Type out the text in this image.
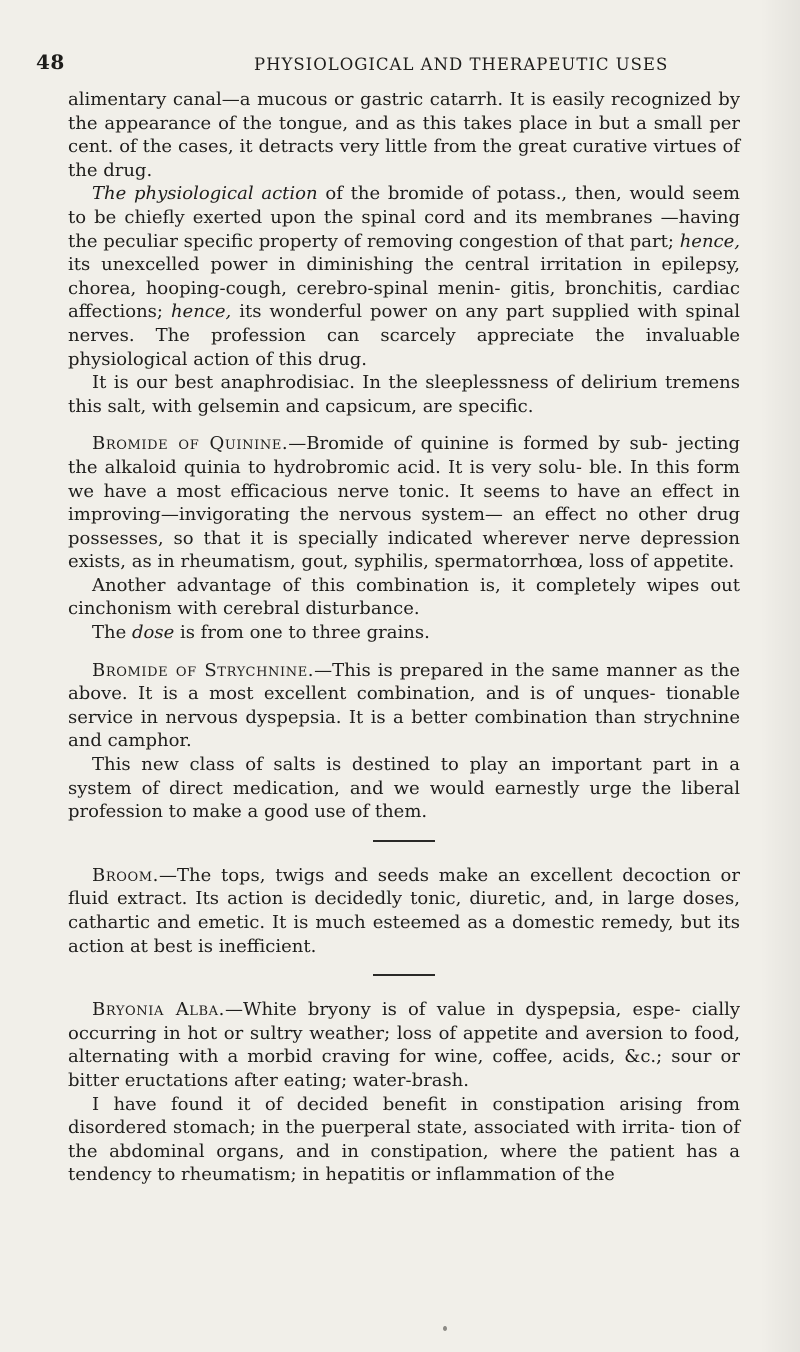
48	PHYSIOLOGICAL AND THERAPEUTIC USES

alimentary canal—a mucous or gastric catarrh. It is easily recognized by the appearance of the tongue, and as this takes place in but a small per cent. of the cases, it detracts very little from the great curative virtues of the drug.

The physiological action of the bromide of potass., then, would seem to be chiefly exerted upon the spinal cord and its membranes —having the peculiar specific property of removing congestion of that part; hence, its unexcelled power in diminishing the central irritation in epilepsy, chorea, hooping-cough, cerebro-spinal menin- gitis, bronchitis, cardiac affections; hence, its wonderful power on any part supplied with spinal nerves. The profession can scarcely appreciate the invaluable physiological action of this drug.

It is our best anaphrodisiac. In the sleeplessness of delirium tremens this salt, with gelsemin and capsicum, are specific.

Bromide of Quinine.—Bromide of quinine is formed by sub- jecting the alkaloid quinia to hydrobromic acid. It is very solu- ble. In this form we have a most efficacious nerve tonic. It seems to have an effect in improving—invigorating the nervous system— an effect no other drug possesses, so that it is specially indicated wherever nerve depression exists, as in rheumatism, gout, syphilis, spermatorrhœa, loss of appetite.

Another advantage of this combination is, it completely wipes out cinchonism with cerebral disturbance.

The dose is from one to three grains.

Bromide of Strychnine.—This is prepared in the same manner as the above. It is a most excellent combination, and is of unques- tionable service in nervous dyspepsia. It is a better combination than strychnine and camphor.

This new class of salts is destined to play an important part in a system of direct medication, and we would earnestly urge the liberal profession to make a good use of them.

Broom.—The tops, twigs and seeds make an excellent decoction or fluid extract. Its action is decidedly tonic, diuretic, and, in large doses, cathartic and emetic. It is much esteemed as a domestic remedy, but its action at best is inefficient.

Bryonia Alba.—White bryony is of value in dyspepsia, espe- cially occurring in hot or sultry weather; loss of appetite and aversion to food, alternating with a morbid craving for wine, coffee, acids, &c.; sour or bitter eructations after eating; water-brash.

I have found it of decided benefit in constipation arising from disordered stomach; in the puerperal state, associated with irrita- tion of the abdominal organs, and in constipation, where the patient has a tendency to rheumatism; in hepatitis or inflammation of the
